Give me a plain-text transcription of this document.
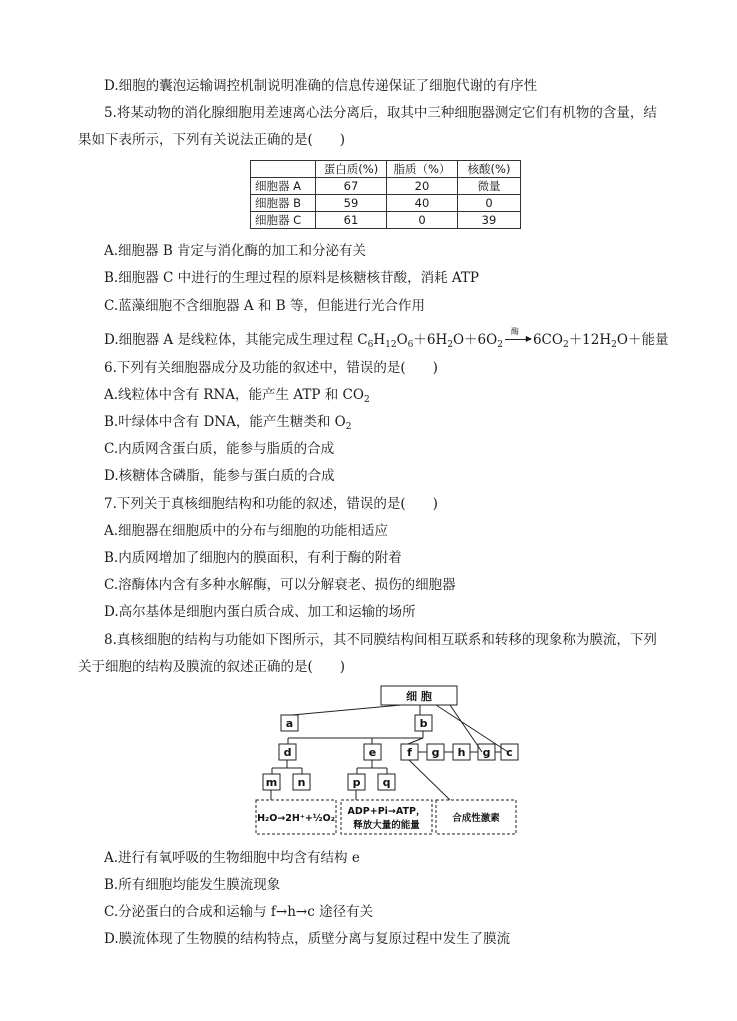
D.细胞的囊泡运输调控机制说明准确的信息传递保证了细胞代谢的有序性
5.将某动物的消化腺细胞用差速离心法分离后，取其中三种细胞器测定它们有机物的含量，结
果如下表所示，下列有关说法正确的是(　　)
	蛋白质(%)	脂质（%）	核酸(%)
细胞器 A	67	20	微量
细胞器 B	59	40	0
细胞器 C	61	0	39
A.细胞器 B 肯定与消化酶的加工和分泌有关
B.细胞器 C 中进行的生理过程的原料是核糖核苷酸，消耗 ATP
C.蓝藻细胞不含细胞器 A 和 B 等，但能进行光合作用
D.细胞器 A 是线粒体，其能完成生理过程 $C_6H_{12}O_6+6H_2O+6O_2$
酶
▶ $6CO_2+12H_2O+$能量
6.下列有关细胞器成分及功能的叙述中，错误的是(　　)
A.线粒体中含有 RNA，能产生 ATP 和 $CO_2$
B.叶绿体中含有 DNA，能产生糖类和 $O_2$
C.内质网含蛋白质，能参与脂质的合成
D.核糖体含磷脂，能参与蛋白质的合成
7.下列关于真核细胞结构和功能的叙述，错误的是(　　)
A.细胞器在细胞质中的分布与细胞的功能相适应
B.内质网增加了细胞内的膜面积，有利于酶的附着
C.溶酶体内含有多种水解酶，可以分解衰老、损伤的细胞器
D.高尔基体是细胞内蛋白质合成、加工和运输的场所
8.真核细胞的结构与功能如下图所示，其不同膜结构间相互联系和转移的现象称为膜流，下列
关于细胞的结构及膜流的叙述正确的是(　　)
细 胞
a	b
d	e	f g h g c
m n	p q
H₂O→2H⁺+½O₂
ADP+Pi→ATP，
释放大量的能量
合成性激素
A.进行有氧呼吸的生物细胞中均含有结构 e
B.所有细胞均能发生膜流现象
C.分泌蛋白的合成和运输与 f→h→c 途径有关
D.膜流体现了生物膜的结构特点，质壁分离与复原过程中发生了膜流
